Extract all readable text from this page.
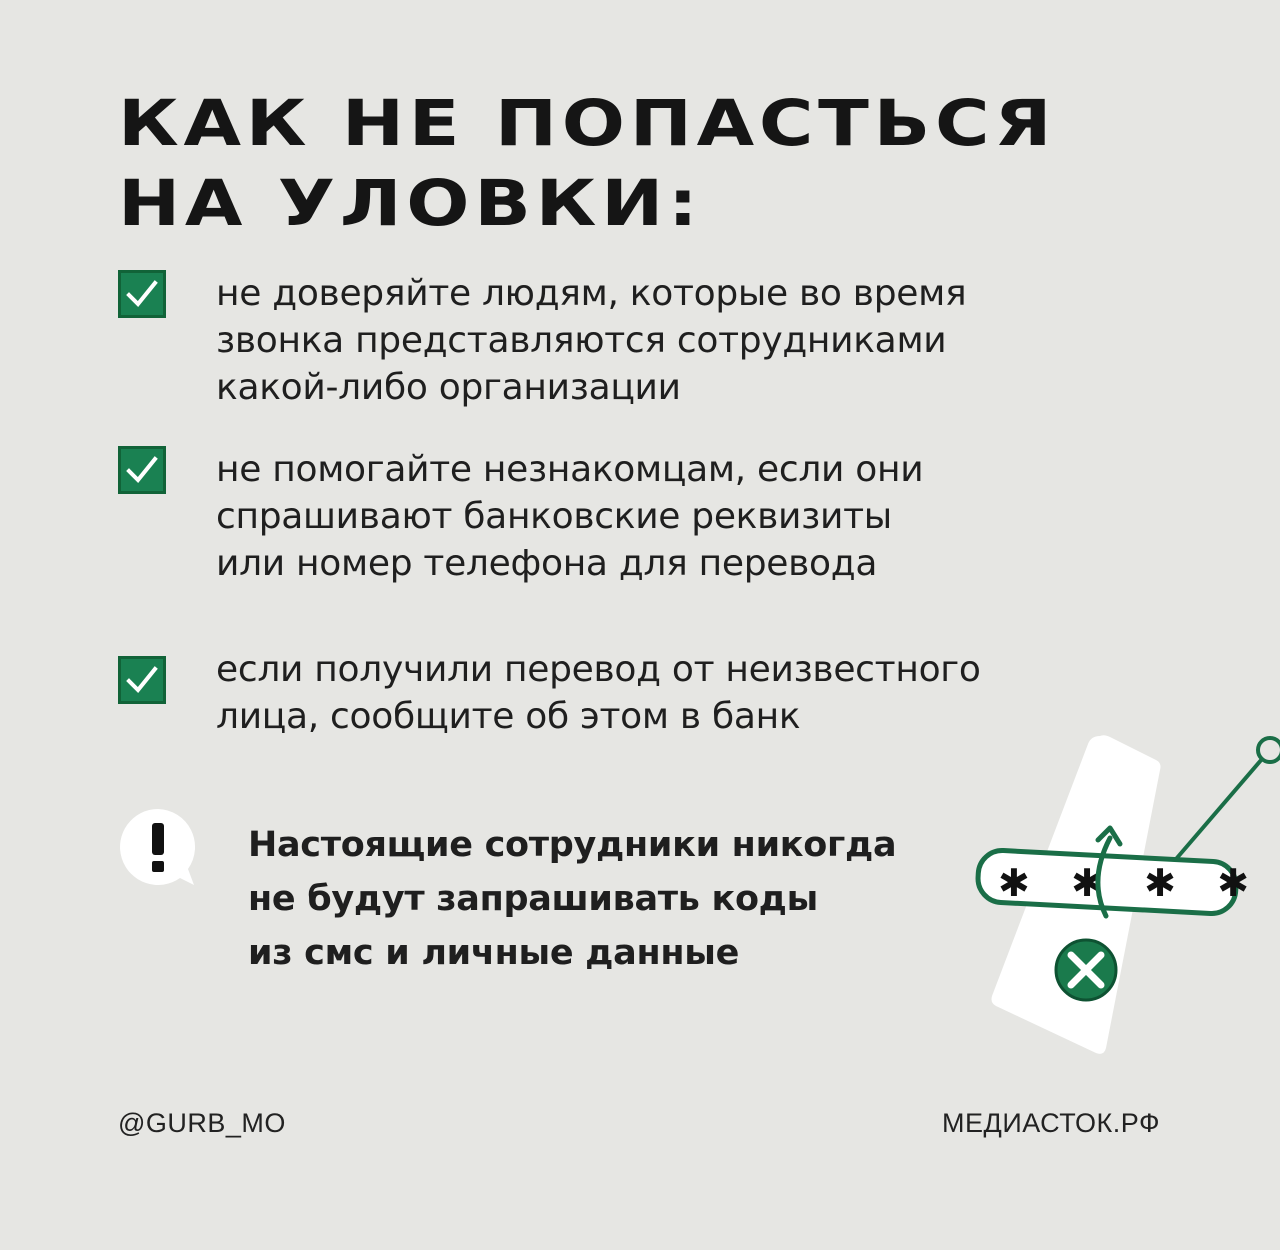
КАК НЕ ПОПАСТЬСЯ
НА УЛОВКИ:

не доверяйте людям, которые во время
звонка представляются сотрудниками
какой-либо организации

не помогайте незнакомцам, если они
спрашивают банковские реквизиты
или номер телефона для перевода

если получили перевод от неизвестного
лица, сообщите об этом в банк

Настоящие сотрудники никогда
не будут запрашивать коды
из смс и личные данные

✱ ✱ ✱ ✱
@GURB_MO	МЕДИАСТОК.РФ
